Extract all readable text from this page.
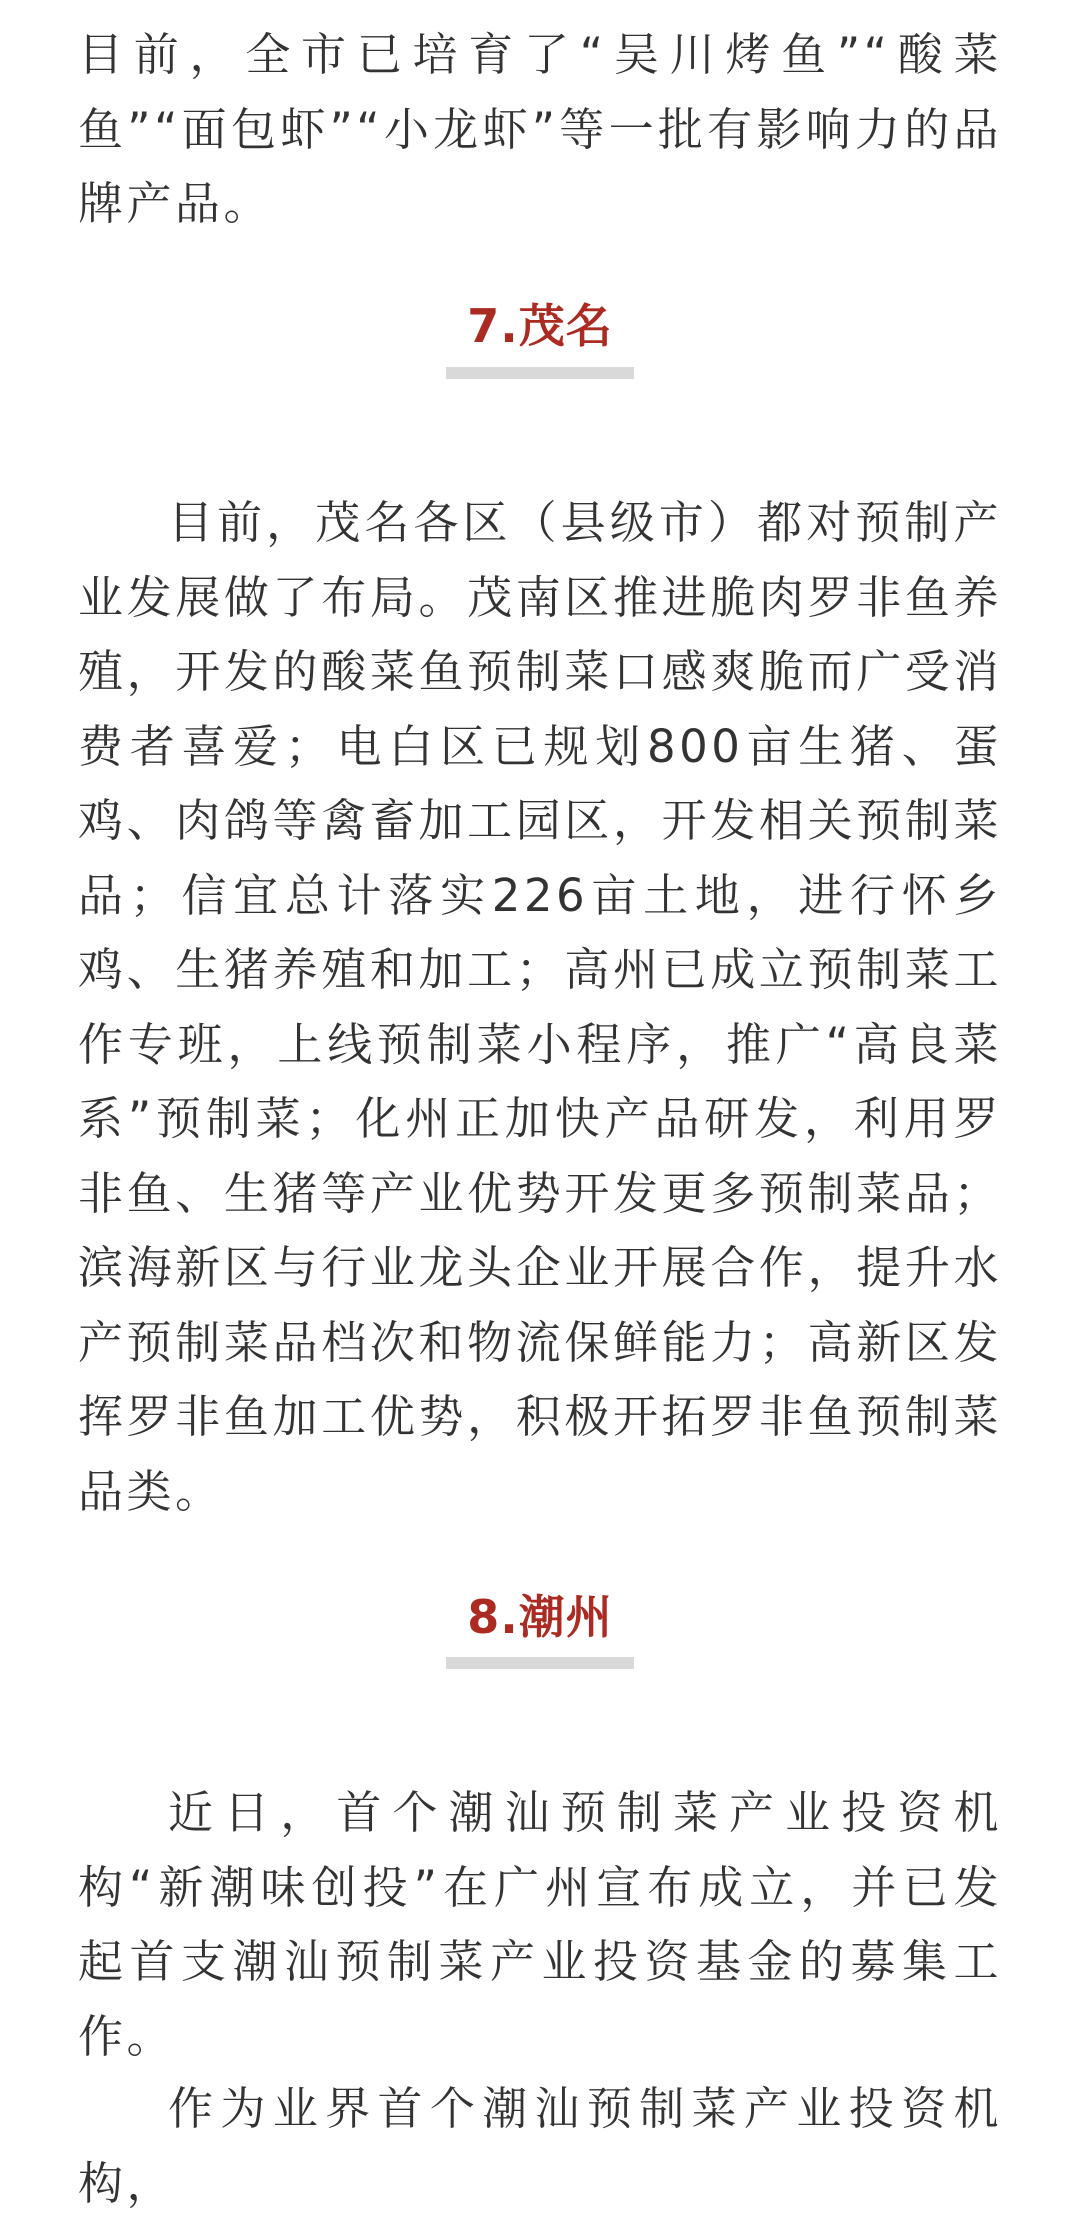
目前，全市已培育了“吴川烤鱼”“酸菜鱼”“面包虾”“小龙虾”等一批有影响力的品牌产品。

7.茂名

目前，茂名各区（县级市）都对预制产业发展做了布局。茂南区推进脆肉罗非鱼养殖，开发的酸菜鱼预制菜口感爽脆而广受消费者喜爱；电白区已规划800亩生猪、蛋鸡、肉鸽等禽畜加工园区，开发相关预制菜品；信宜总计落实226亩土地，进行怀乡鸡、生猪养殖和加工；高州已成立预制菜工作专班，上线预制菜小程序，推广“高良菜系”预制菜；化州正加快产品研发，利用罗非鱼、生猪等产业优势开发更多预制菜品；滨海新区与行业龙头企业开展合作，提升水产预制菜品档次和物流保鲜能力；高新区发挥罗非鱼加工优势，积极开拓罗非鱼预制菜品类。

8.潮州

近日，首个潮汕预制菜产业投资机构“新潮味创投”在广州宣布成立，并已发起首支潮汕预制菜产业投资基金的募集工作。

作为业界首个潮汕预制菜产业投资机构，
